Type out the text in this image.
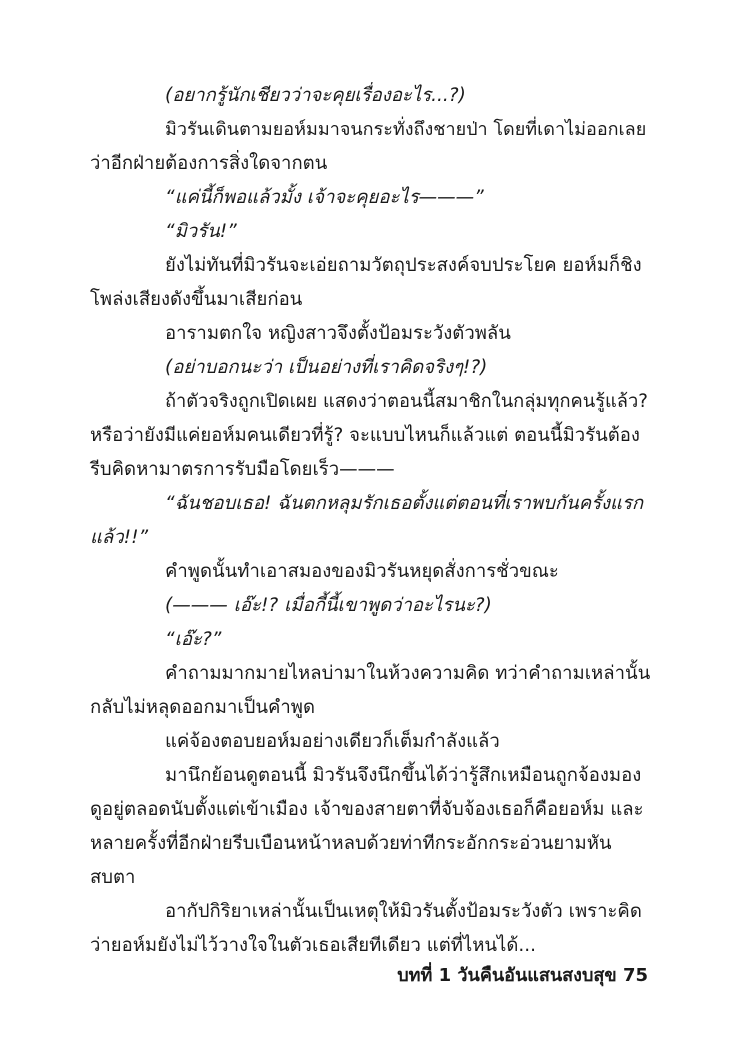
(อยากรู้นักเชียวว่าจะคุยเรื่องอะไร...?)
มิวรันเดินตามยอห์มมาจนกระทั่งถึงชายป่า โดยที่เดาไม่ออกเลย
ว่าอีกฝ่ายต้องการสิ่งใดจากตน
“แค่นี้ก็พอแล้วมั้ง เจ้าจะคุยอะไร———”
“มิวรัน!”
ยังไม่ทันที่มิวรันจะเอ่ยถามวัตถุประสงค์จบประโยค ยอห์มก็ชิง
โพล่งเสียงดังขึ้นมาเสียก่อน
อารามตกใจ หญิงสาวจึงตั้งป้อมระวังตัวพลัน
(อย่าบอกนะว่า เป็นอย่างที่เราคิดจริงๆ!?)
ถ้าตัวจริงถูกเปิดเผย แสดงว่าตอนนี้สมาชิกในกลุ่มทุกคนรู้แล้ว?
หรือว่ายังมีแค่ยอห์มคนเดียวที่รู้? จะแบบไหนก็แล้วแต่ ตอนนี้มิวรันต้อง
รีบคิดหามาตรการรับมือโดยเร็ว———
“ฉันชอบเธอ! ฉันตกหลุมรักเธอตั้งแต่ตอนที่เราพบกันครั้งแรก
แล้ว!!”
คำพูดนั้นทำเอาสมองของมิวรันหยุดสั่งการชั่วขณะ
(——— เอ๊ะ!? เมื่อกี้นี้เขาพูดว่าอะไรนะ?)
“เอ๊ะ?”
คำถามมากมายไหลบ่ามาในห้วงความคิด ทว่าคำถามเหล่านั้น
กลับไม่หลุดออกมาเป็นคำพูด
แค่จ้องตอบยอห์มอย่างเดียวก็เต็มกำลังแล้ว
มานึกย้อนดูตอนนี้ มิวรันจึงนึกขึ้นได้ว่ารู้สึกเหมือนถูกจ้องมอง
ดูอยู่ตลอดนับตั้งแต่เข้าเมือง เจ้าของสายตาที่จับจ้องเธอก็คือยอห์ม และ
หลายครั้งที่อีกฝ่ายรีบเบือนหน้าหลบด้วยท่าทีกระอักกระอ่วนยามหัน
สบตา
อากัปกิริยาเหล่านั้นเป็นเหตุให้มิวรันตั้งป้อมระวังตัว เพราะคิด
ว่ายอห์มยังไม่ไว้วางใจในตัวเธอเสียทีเดียว แต่ที่ไหนได้...
บทที่ 1 วันคืนอันแสนสงบสุข 75
